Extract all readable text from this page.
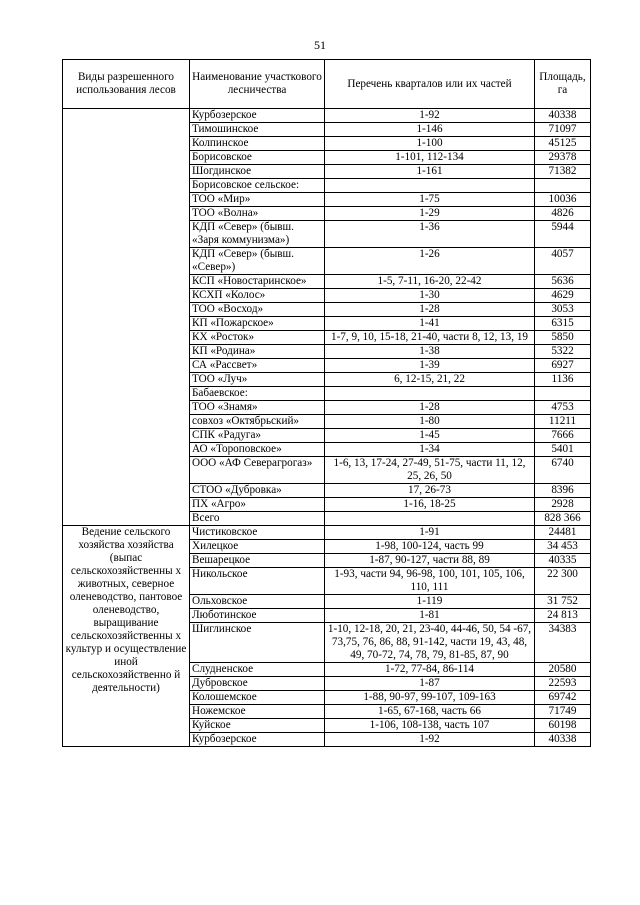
51
Виды разрешенного использования лесов	Наименование участкового лесничества	Перечень кварталов или их частей	Площадь, га
	Курбозерское	1-92	40338
	Тимошинское	1-146	71097
	Колпинское	1-100	45125
	Борисовское	1-101, 112-134	29378
	Шогдинское	1-161	71382
	Борисовское сельское:		
	ТОО «Мир»	1-75	10036
	ТОО «Волна»	1-29	4826
	КДП «Север» (бывш. «Заря коммунизма»)	1-36	5944
	КДП «Север» (бывш. «Север»)	1-26	4057
	КСП «Новостаринское»	1-5, 7-11, 16-20, 22-42	5636
	КСХП «Колос»	1-30	4629
	ТОО «Восход»	1-28	3053
	КП «Пожарское»	1-41	6315
	КХ «Росток»	1-7, 9, 10, 15-18, 21-40, части 8, 12, 13, 19	5850
	КП «Родина»	1-38	5322
	СА «Рассвет»	1-39	6927
	ТОО «Луч»	6, 12-15, 21, 22	1136
	Бабаевское:		
	ТОО «Знамя»	1-28	4753
	совхоз «Октябрьский»	1-80	11211
	СПК «Радуга»	1-45	7666
	АО «Тороповское»	1-34	5401
	ООО «АФ Северагрогаз»	1-6, 13, 17-24, 27-49, 51-75, части 11, 12, 25, 26, 50	6740
	СТОО «Дубровка»	17, 26-73	8396
	ПХ «Агро»	1-16, 18-25	2928
	Всего		828 366
Ведение сельского хозяйства хозяйства (выпас сельскохозяйственны х животных, северное оленеводство, пантовое оленеводство, выращивание сельскохозяйственны х культур и осуществление иной сельскохозяйственно й деятельности)	Чистиковское	1-91	24481
	Хилецкое	1-98, 100-124, часть 99	34 453
	Вешарецкое	1-87, 90-127, части 88, 89	40335
	Никольское	1-93, части 94, 96-98, 100, 101, 105, 106, 110, 111	22 300
	Ольховское	1-119	31 752
	Люботинское	1-81	24 813
	Шиглинское	1-10, 12-18, 20, 21, 23-40, 44-46, 50, 54 -67, 73,75, 76, 86, 88, 91-142, части 19, 43, 48, 49, 70-72, 74, 78, 79, 81-85, 87, 90	34383
	Слудненское	1-72, 77-84, 86-114	20580
	Дубровское	1-87	22593
	Колошемское	1-88, 90-97, 99-107, 109-163	69742
	Ножемское	1-65, 67-168, часть 66	71749
	Куйское	1-106, 108-138, часть 107	60198
	Курбозерское	1-92	40338
